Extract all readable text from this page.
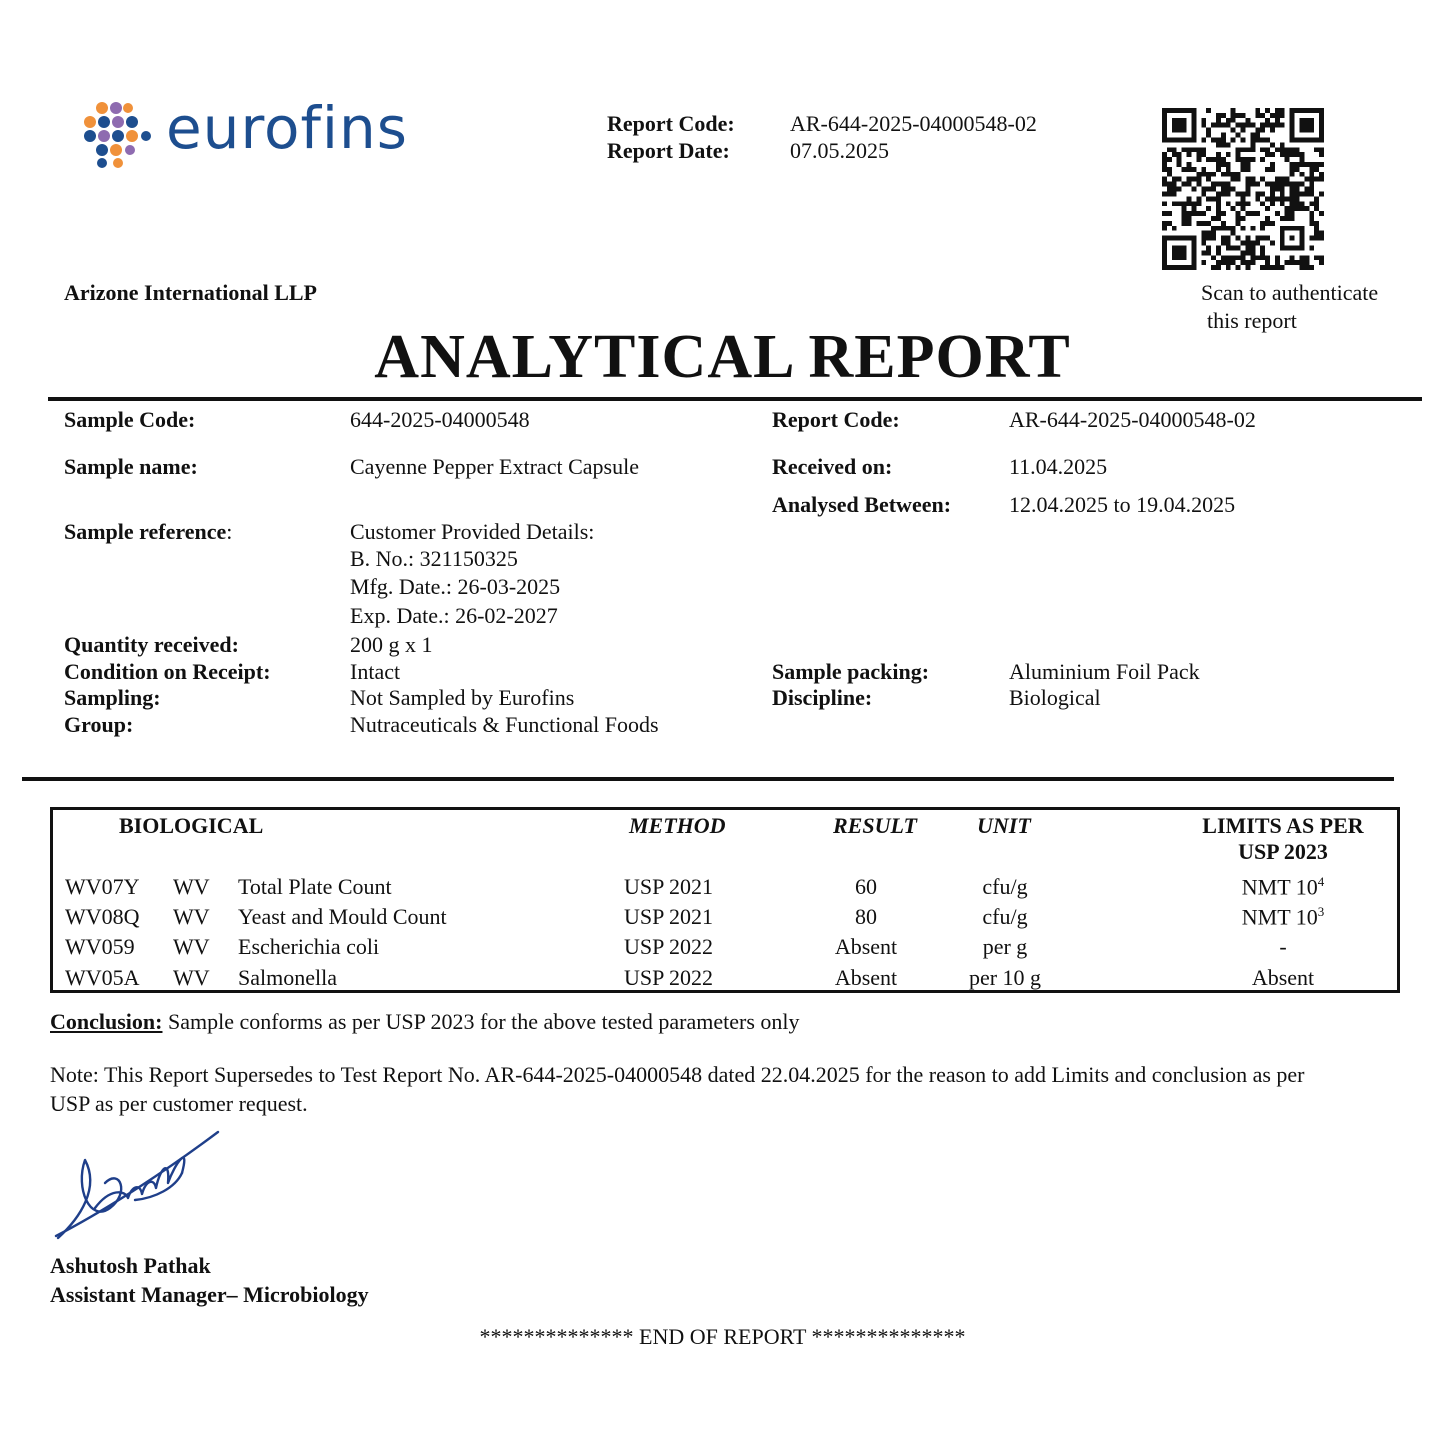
eurofins	Report Code:	AR-644-2025-04000548-02
Report Date:	07.05.2025
Scan to authenticate
this report
Arizone International LLP
ANALYTICAL REPORT
Sample Code:	644-2025-04000548	Report Code:	AR-644-2025-04000548-02
Sample name:	Cayenne Pepper Extract Capsule	Received on:	11.04.2025
Analysed Between:	12.04.2025 to 19.04.2025
Sample reference:	Customer Provided Details:
B. No.: 321150325
Mfg. Date.: 26-03-2025
Exp. Date.: 26-02-2027
Quantity received:	200 g x 1
Condition on Receipt:	Intact	Sample packing:	Aluminium Foil Pack
Sampling:	Not Sampled by Eurofins	Discipline:	Biological
Group:	Nutraceuticals & Functional Foods
BIOLOGICAL	METHOD	RESULT	UNIT	LIMITS AS PER
USP 2023
WV07Y WV Total Plate Count	USP 2021	60	cfu/g	NMT $10^4$
WV08Q WV Yeast and Mould Count	USP 2021	80	cfu/g	NMT $10^3$
WV059 WV Escherichia coli	USP 2022	Absent	per g	-
WV05A WV Salmonella	USP 2022	Absent	per 10 g	Absent
Conclusion: Sample conforms as per USP 2023 for the above tested parameters only
Note: This Report Supersedes to Test Report No. AR-644-2025-04000548 dated 22.04.2025 for the reason to add Limits and conclusion as per
USP as per customer request.
Ashutosh Pathak
Assistant Manager– Microbiology
************** END OF REPORT **************
